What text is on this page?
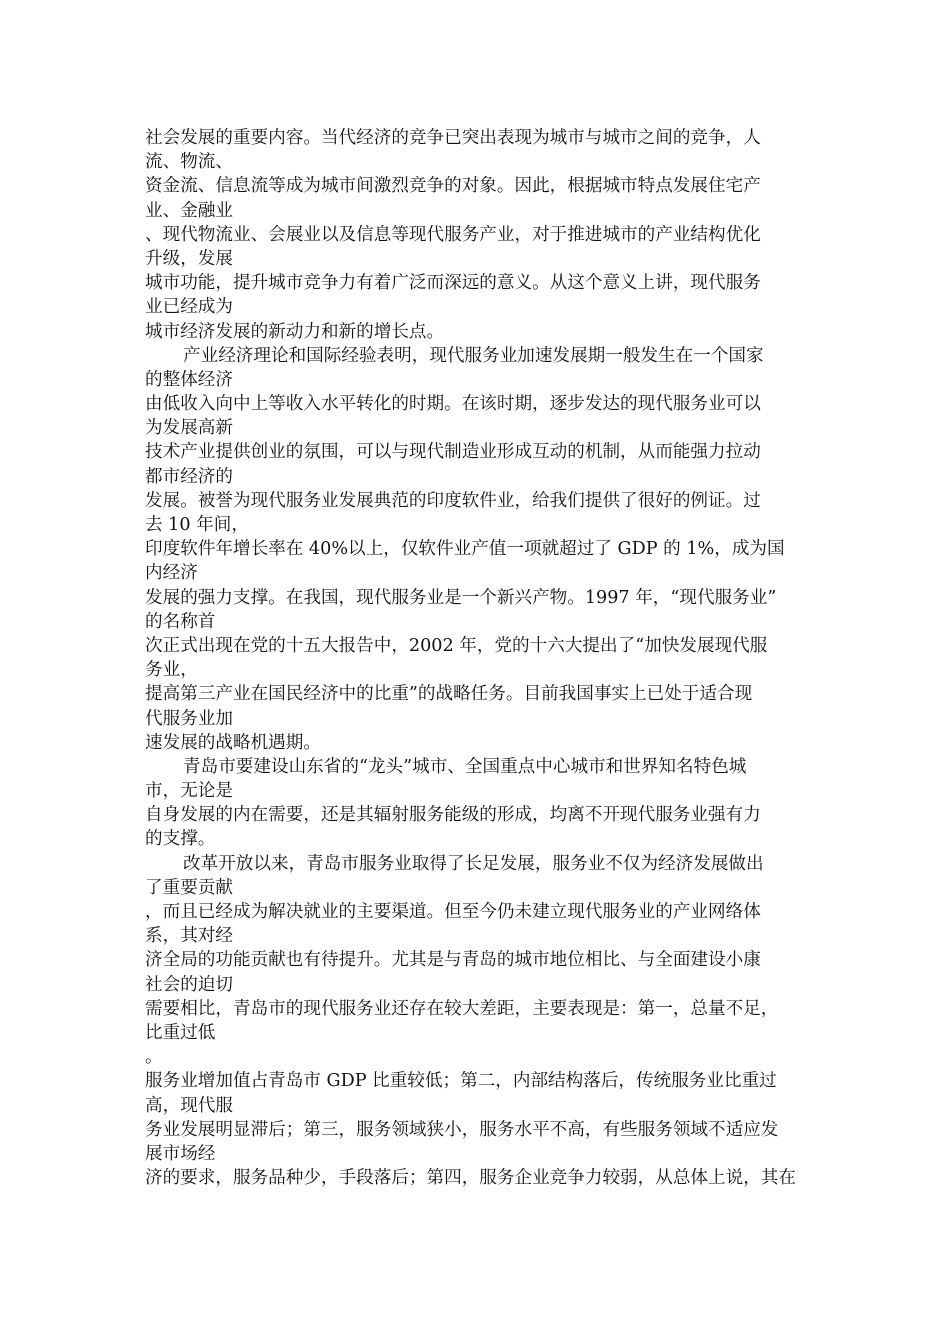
社会发展的重要内容。当代经济的竞争已突出表现为城市与城市之间的竞争，人
流、物流、
资金流、信息流等成为城市间激烈竞争的对象。因此，根据城市特点发展住宅产
业、金融业
、现代物流业、会展业以及信息等现代服务产业，对于推进城市的产业结构优化
升级，发展
城市功能，提升城市竞争力有着广泛而深远的意义。从这个意义上讲，现代服务
业已经成为
城市经济发展的新动力和新的增长点。
产业经济理论和国际经验表明，现代服务业加速发展期一般发生在一个国家
的整体经济
由低收入向中上等收入水平转化的时期。在该时期，逐步发达的现代服务业可以
为发展高新
技术产业提供创业的氛围，可以与现代制造业形成互动的机制，从而能强力拉动
都市经济的
发展。被誉为现代服务业发展典范的印度软件业，给我们提供了很好的例证。过
去 10 年间，
印度软件年增长率在 40%以上，仅软件业产值一项就超过了 GDP 的 1%，成为国
内经济
发展的强力支撑。在我国，现代服务业是一个新兴产物。1997 年，“现代服务业”
的名称首
次正式出现在党的十五大报告中，2002 年，党的十六大提出了“加快发展现代服
务业，
提高第三产业在国民经济中的比重”的战略任务。目前我国事实上已处于适合现
代服务业加
速发展的战略机遇期。
青岛市要建设山东省的“龙头”城市、全国重点中心城市和世界知名特色城
市，无论是
自身发展的内在需要，还是其辐射服务能级的形成，均离不开现代服务业强有力
的支撑。
改革开放以来，青岛市服务业取得了长足发展，服务业不仅为经济发展做出
了重要贡献
，而且已经成为解决就业的主要渠道。但至今仍未建立现代服务业的产业网络体
系，其对经
济全局的功能贡献也有待提升。尤其是与青岛的城市地位相比、与全面建设小康
社会的迫切
需要相比，青岛市的现代服务业还存在较大差距，主要表现是：第一，总量不足，
比重过低
。
服务业增加值占青岛市 GDP 比重较低；第二，内部结构落后，传统服务业比重过
高，现代服
务业发展明显滞后；第三，服务领域狭小，服务水平不高，有些服务领域不适应发
展市场经
济的要求，服务品种少，手段落后；第四，服务企业竞争力较弱，从总体上说，其在
